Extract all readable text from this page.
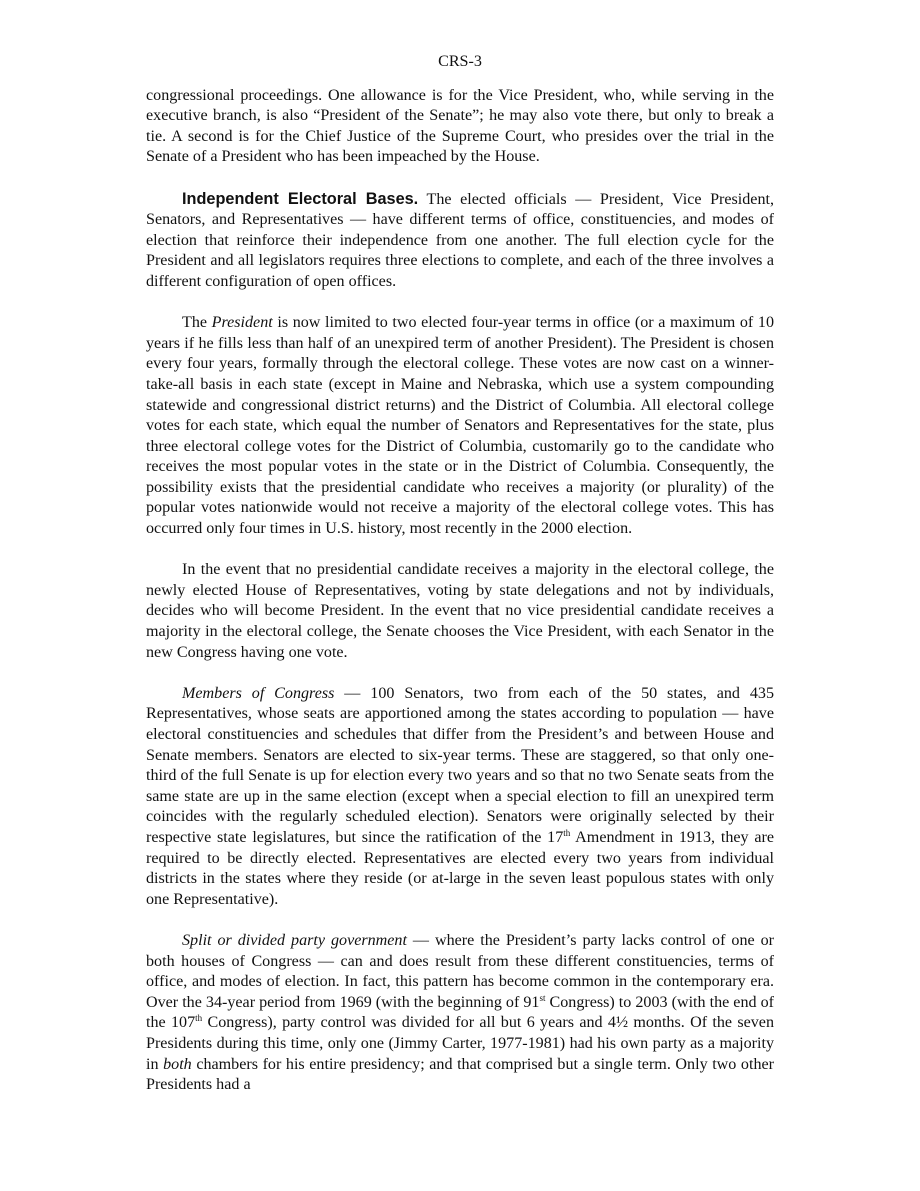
CRS-3

congressional proceedings. One allowance is for the Vice President, who, while serving in the executive branch, is also “President of the Senate”; he may also vote there, but only to break a tie. A second is for the Chief Justice of the Supreme Court, who presides over the trial in the Senate of a President who has been impeached by the House.

Independent Electoral Bases. The elected officials — President, Vice President, Senators, and Representatives — have different terms of office, constituencies, and modes of election that reinforce their independence from one another. The full election cycle for the President and all legislators requires three elections to complete, and each of the three involves a different configuration of open offices.

The President is now limited to two elected four-year terms in office (or a maximum of 10 years if he fills less than half of an unexpired term of another President). The President is chosen every four years, formally through the electoral college. These votes are now cast on a winner-take-all basis in each state (except in Maine and Nebraska, which use a system compounding statewide and congressional district returns) and the District of Columbia. All electoral college votes for each state, which equal the number of Senators and Representatives for the state, plus three electoral college votes for the District of Columbia, customarily go to the candidate who receives the most popular votes in the state or in the District of Columbia. Consequently, the possibility exists that the presidential candidate who receives a majority (or plurality) of the popular votes nationwide would not receive a majority of the electoral college votes. This has occurred only four times in U.S. history, most recently in the 2000 election.

In the event that no presidential candidate receives a majority in the electoral college, the newly elected House of Representatives, voting by state delegations and not by individuals, decides who will become President. In the event that no vice presidential candidate receives a majority in the electoral college, the Senate chooses the Vice President, with each Senator in the new Congress having one vote.

Members of Congress — 100 Senators, two from each of the 50 states, and 435 Representatives, whose seats are apportioned among the states according to population — have electoral constituencies and schedules that differ from the President’s and between House and Senate members. Senators are elected to six-year terms. These are staggered, so that only one-third of the full Senate is up for election every two years and so that no two Senate seats from the same state are up in the same election (except when a special election to fill an unexpired term coincides with the regularly scheduled election). Senators were originally selected by their respective state legislatures, but since the ratification of the 17th Amendment in 1913, they are required to be directly elected. Representatives are elected every two years from individual districts in the states where they reside (or at-large in the seven least populous states with only one Representative).

Split or divided party government — where the President’s party lacks control of one or both houses of Congress — can and does result from these different constituencies, terms of office, and modes of election. In fact, this pattern has become common in the contemporary era. Over the 34-year period from 1969 (with the beginning of 91st Congress) to 2003 (with the end of the 107th Congress), party control was divided for all but 6 years and 4½ months. Of the seven Presidents during this time, only one (Jimmy Carter, 1977-1981) had his own party as a majority in both chambers for his entire presidency; and that comprised but a single term. Only two other Presidents had a
